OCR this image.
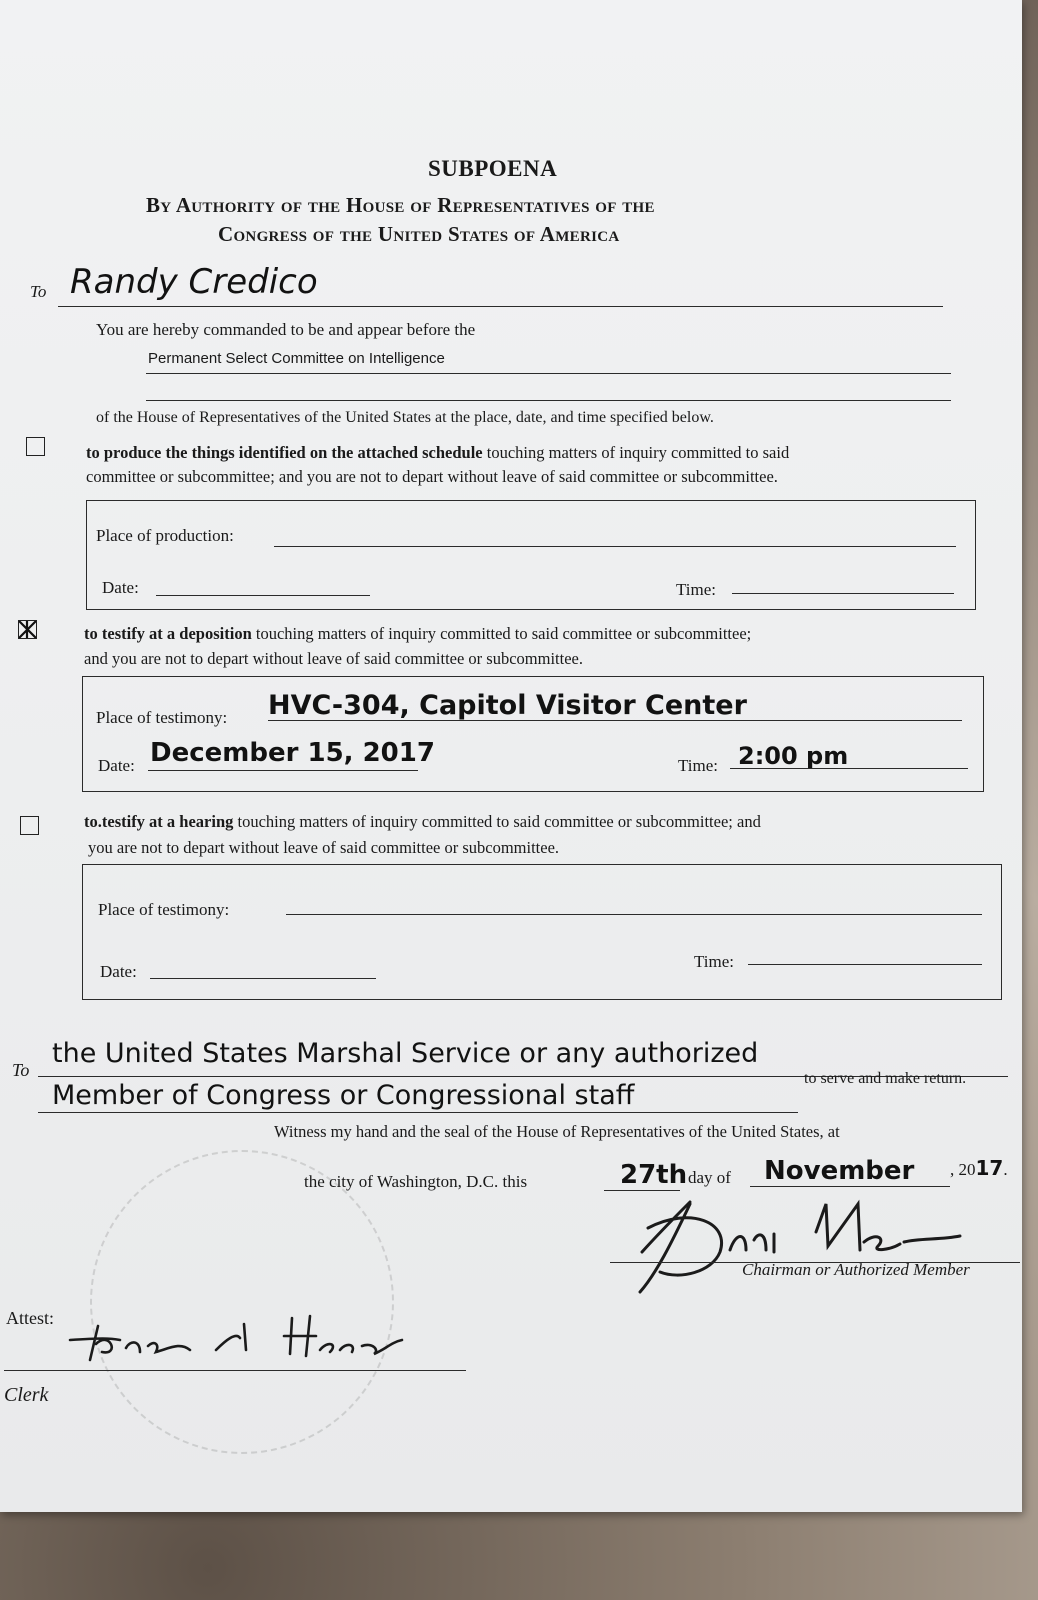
SUBPOENA
By Authority of the House of Representatives of the
Congress of the United States of America
To Randy Credico
You are hereby commanded to be and appear before the
Permanent Select Committee on Intelligence
of the House of Representatives of the United States at the place, date, and time specified below.
to produce the things identified on the attached schedule touching matters of inquiry committed to said
committee or subcommittee; and you are not to depart without leave of said committee or subcommittee.
Place of production:
Date:	Time:
to testify at a deposition touching matters of inquiry committed to said committee or subcommittee;
and you are not to depart without leave of said committee or subcommittee.
Place of testimony: HVC-304, Capitol Visitor Center
Date: December 15, 2017	Time: 2:00 pm
to.testify at a hearing touching matters of inquiry committed to said committee or subcommittee; and
you are not to depart without leave of said committee or subcommittee.
Place of testimony:
Date:
Time:
To
the United States Marshal Service or any authorized
Member of Congress or Congressional staff
to serve and make return.
Witness my hand and the seal of the House of Representatives of the United States, at
the city of Washington, D.C. this	27th day of November , 2017.
Chairman or Authorized Member
Attest:
Clerk
